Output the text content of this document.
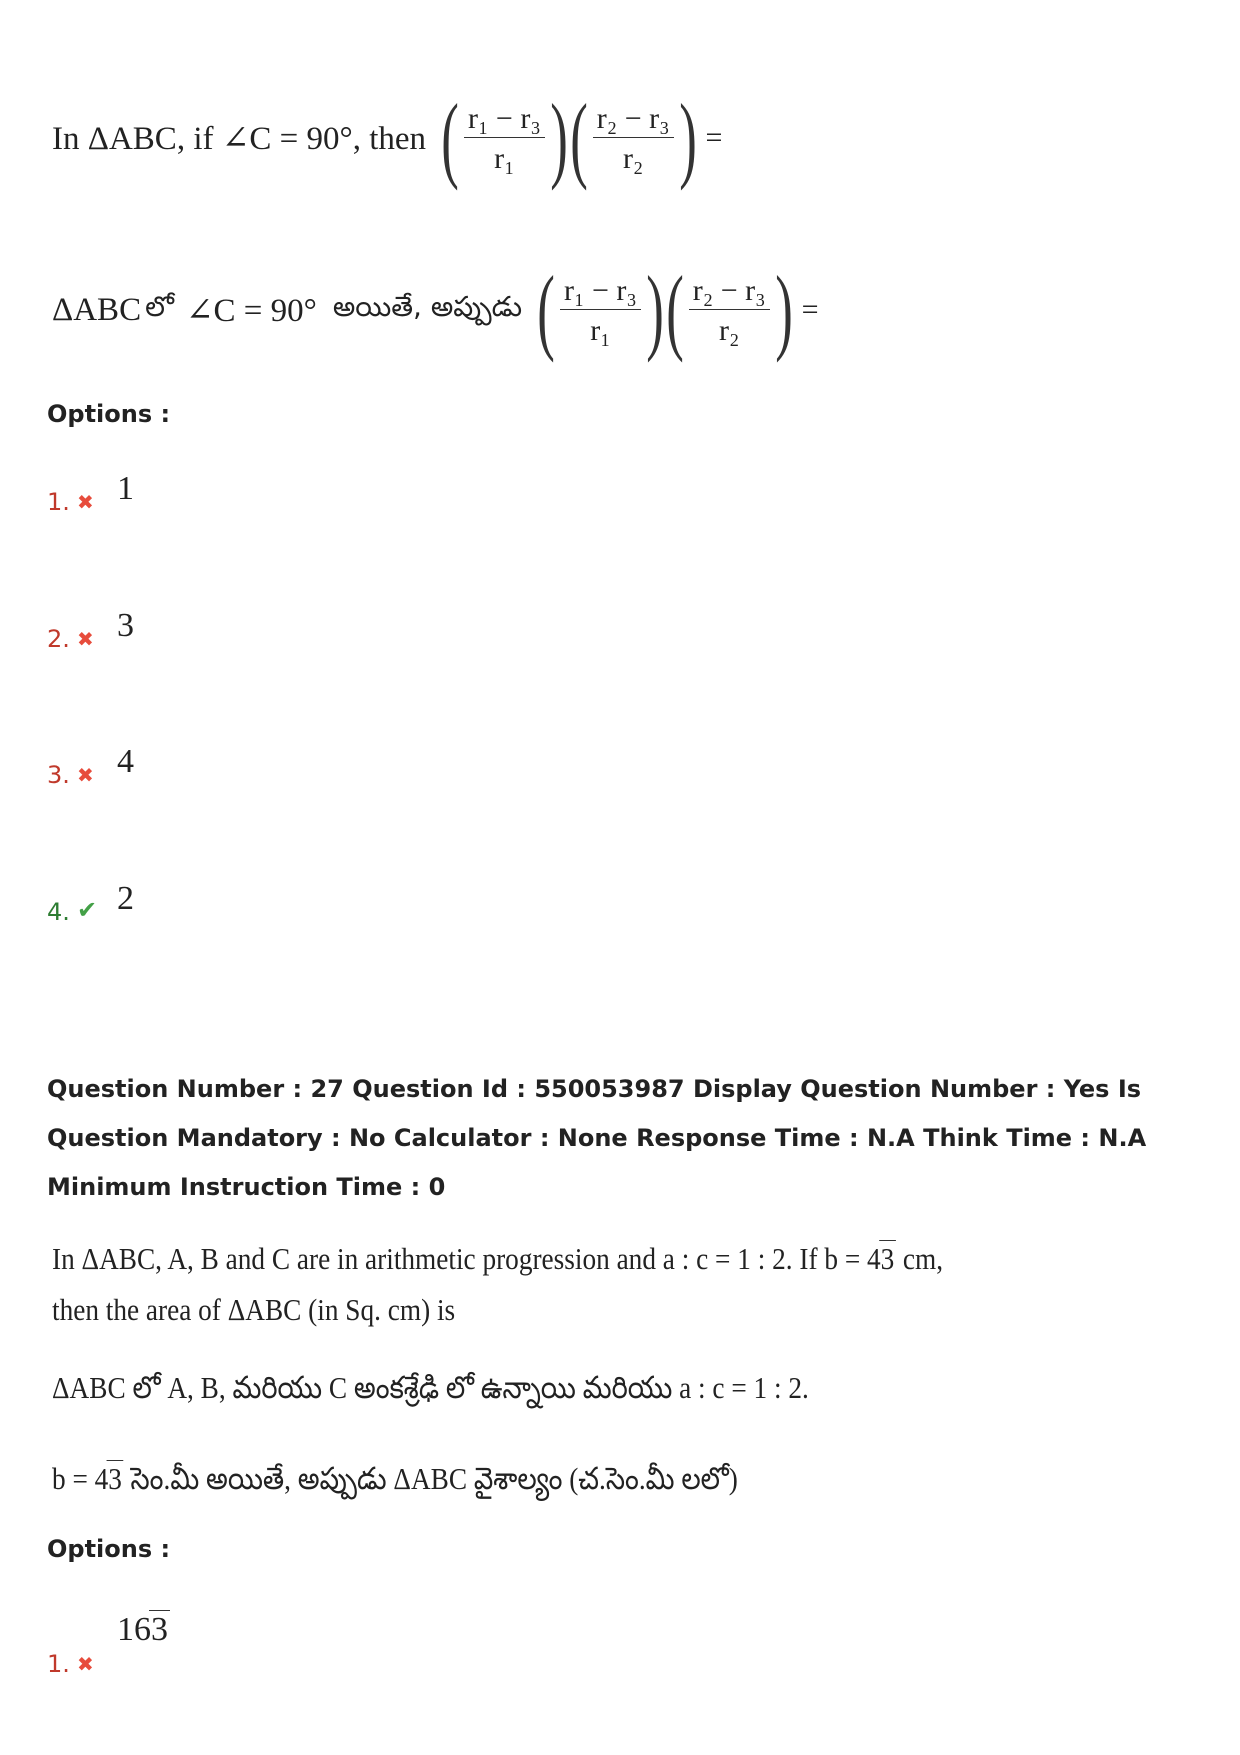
In ΔABC, if ∠C = 90°, then ( $\frac{\text{r₁ − r₃}}{\text{r₁}}$ ) ( $\frac{\text{r₂ − r₃}}{\text{r₂}}$ ) =
ΔABC లో ∠C = 90° అయితే, అప్పుడు ( $\frac{\text{r₁ − r₃}}{\text{r₁}}$ ) ( $\frac{\text{r₂ − r₃}}{\text{r₂}}$ ) =
Options :
1. ✖ 1
2. ✖ 3
3. ✖ 4
4. ✔ 2
Question Number : 27 Question Id : 550053987 Display Question Number : Yes Is Question Mandatory : No Calculator : None Response Time : N.A Think Time : N.A Minimum Instruction Time : 0
In ΔABC, A, B and C are in arithmetic progression and a : c = 1 : 2. If b = 43 cm,
then the area of ΔABC (in Sq. cm) is
ΔABC లో A, B, మరియు C అంకశ్రేఢి లో ఉన్నాయి మరియు a : c = 1 : 2.
b = 43 సెం.మీ అయితే, అప్పుడు ΔABC వైశాల్యం (చ.సెం.మీ లలో)
Options :
1. ✖
163
